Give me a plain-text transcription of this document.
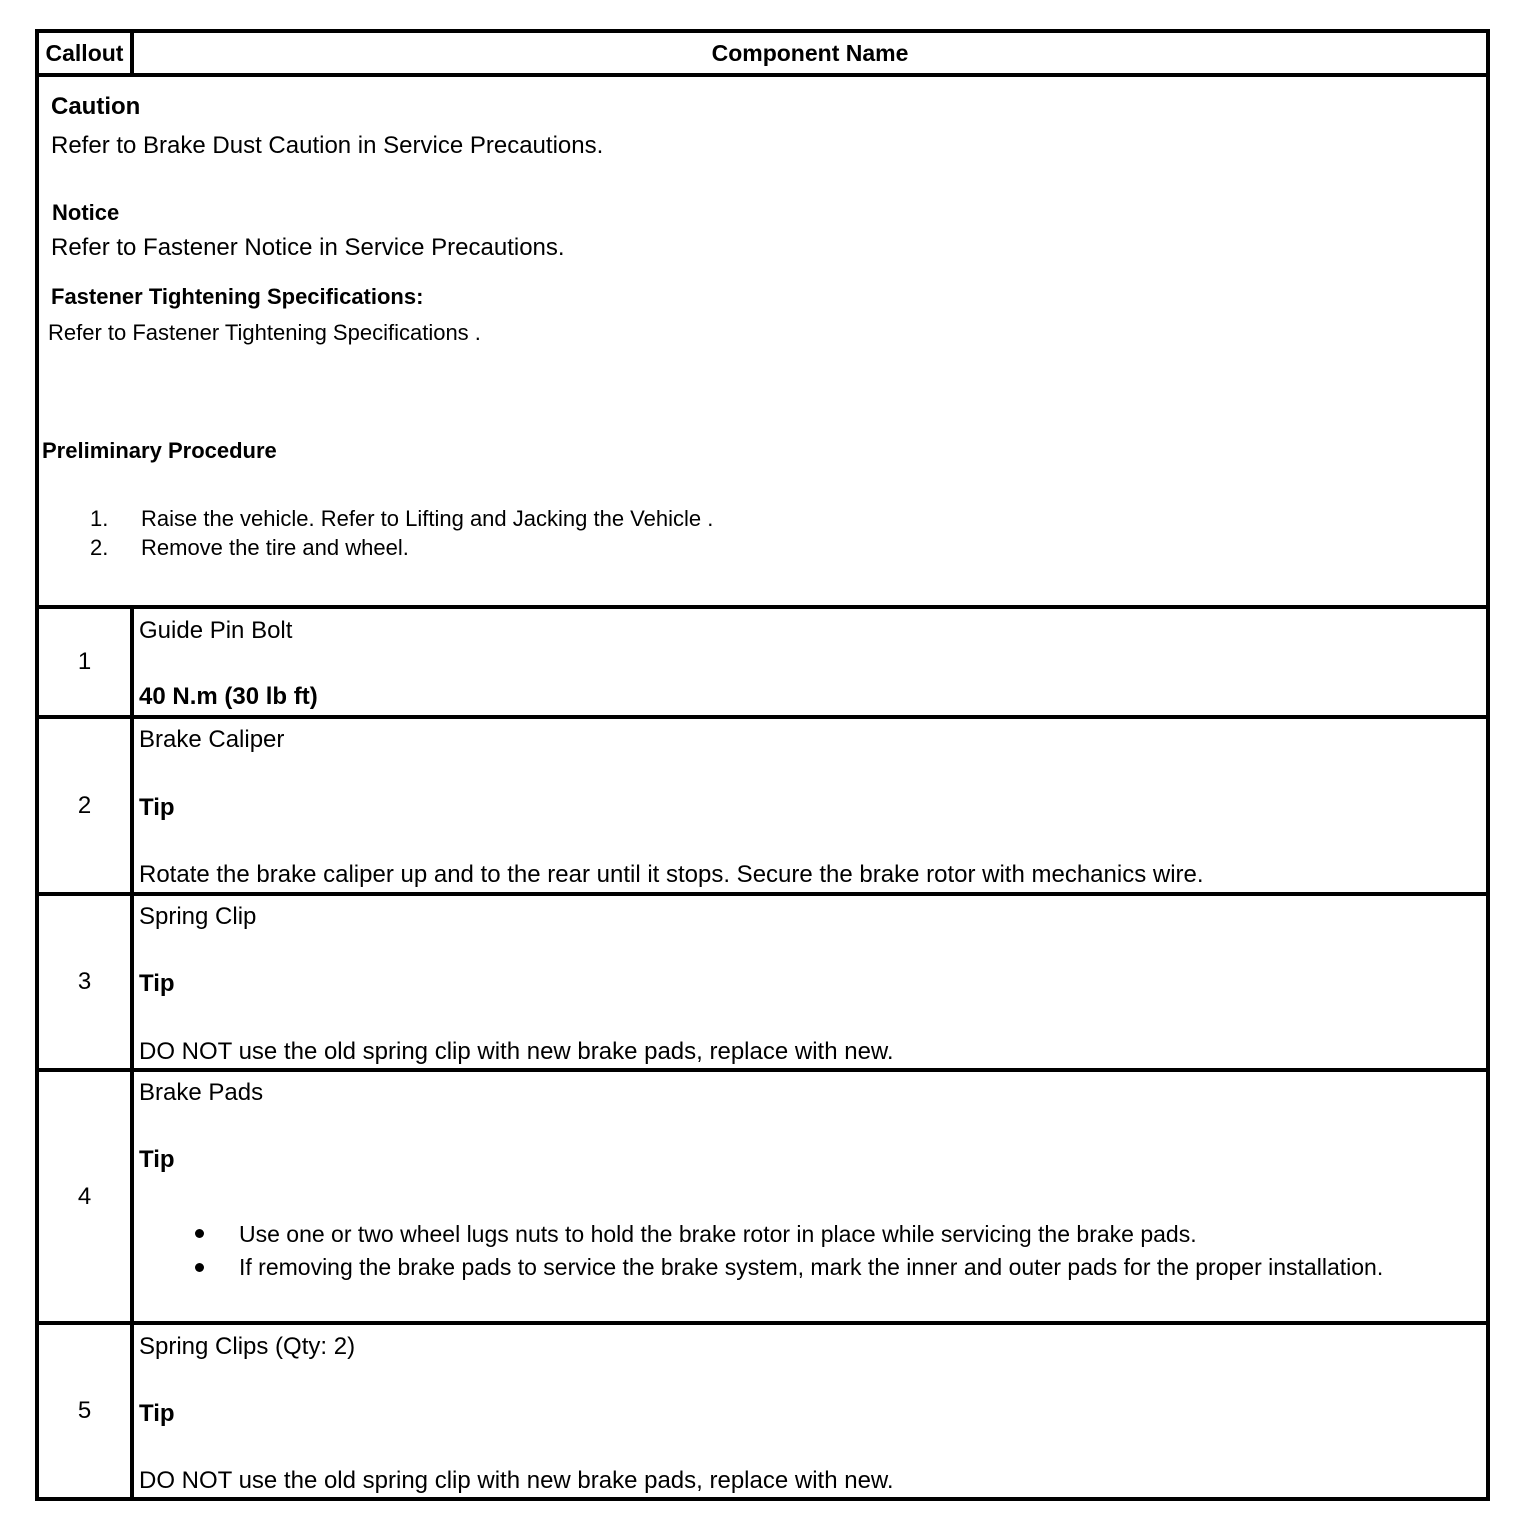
Callout	Component Name
Caution
Refer to Brake Dust Caution in Service Precautions.
Notice
Refer to Fastener Notice in Service Precautions.
Fastener Tightening Specifications:
Refer to Fastener Tightening Specifications .
Preliminary Procedure
1. Raise the vehicle. Refer to Lifting and Jacking the Vehicle .
2. Remove the tire and wheel.
1
Guide Pin Bolt
40 N.m (30 lb ft)
2
Brake Caliper
Tip
Rotate the brake caliper up and to the rear until it stops. Secure the brake rotor with mechanics wire.
3
Spring Clip
Tip
DO NOT use the old spring clip with new brake pads, replace with new.
4
Brake Pads
Tip
Use one or two wheel lugs nuts to hold the brake rotor in place while servicing the brake pads.
If removing the brake pads to service the brake system, mark the inner and outer pads for the proper installation.
5
Spring Clips (Qty: 2)
Tip
DO NOT use the old spring clip with new brake pads, replace with new.
